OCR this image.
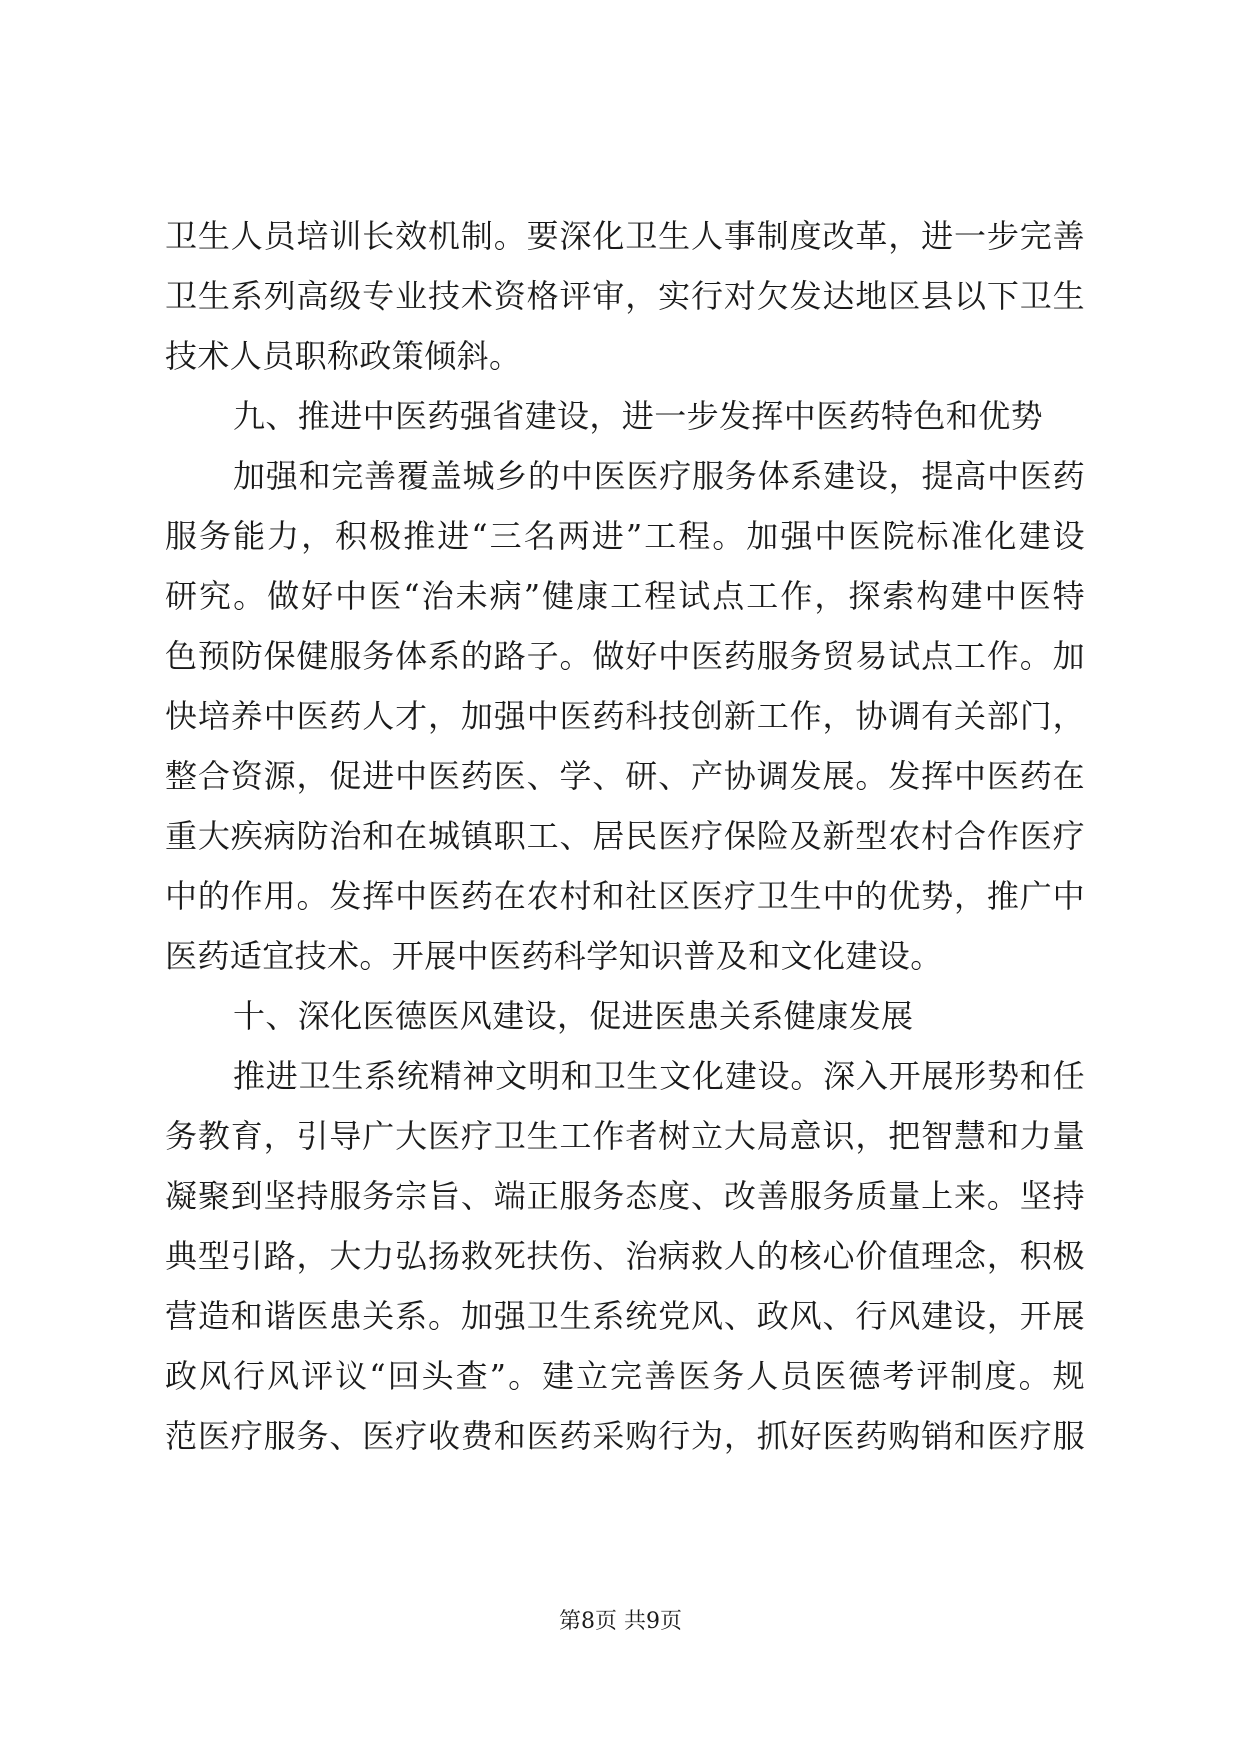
卫生人员培训长效机制。要深化卫生人事制度改革，进一步完善
卫生系列高级专业技术资格评审，实行对欠发达地区县以下卫生
技术人员职称政策倾斜。
九、推进中医药强省建设，进一步发挥中医药特色和优势
加强和完善覆盖城乡的中医医疗服务体系建设，提高中医药
服务能力，积极推进“三名两进”工程。加强中医院标准化建设
研究。做好中医“治未病”健康工程试点工作，探索构建中医特
色预防保健服务体系的路子。做好中医药服务贸易试点工作。加
快培养中医药人才，加强中医药科技创新工作，协调有关部门，
整合资源，促进中医药医、学、研、产协调发展。发挥中医药在
重大疾病防治和在城镇职工、居民医疗保险及新型农村合作医疗
中的作用。发挥中医药在农村和社区医疗卫生中的优势，推广中
医药适宜技术。开展中医药科学知识普及和文化建设。
十、深化医德医风建设，促进医患关系健康发展
推进卫生系统精神文明和卫生文化建设。深入开展形势和任
务教育，引导广大医疗卫生工作者树立大局意识，把智慧和力量
凝聚到坚持服务宗旨、端正服务态度、改善服务质量上来。坚持
典型引路，大力弘扬救死扶伤、治病救人的核心价值理念，积极
营造和谐医患关系。加强卫生系统党风、政风、行风建设，开展
政风行风评议“回头查”。建立完善医务人员医德考评制度。规
范医疗服务、医疗收费和医药采购行为，抓好医药购销和医疗服
第8页 共9页
